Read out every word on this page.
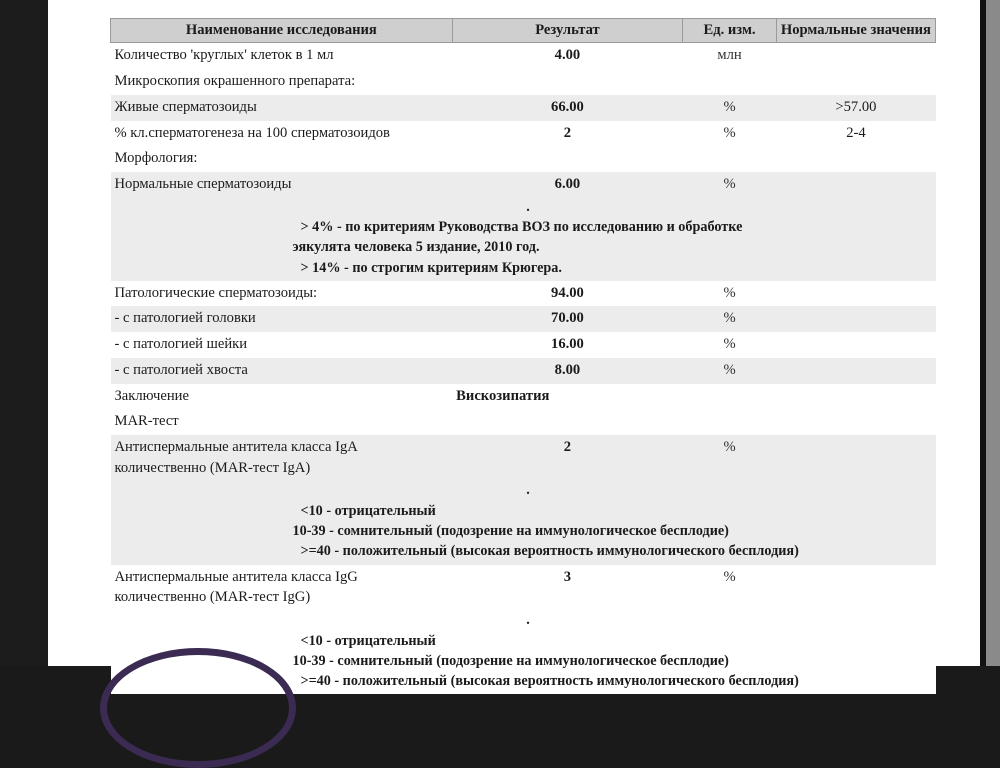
Наименование исследования	Результат	Ед. изм.	Нормальные значения
Количество 'круглых' клеток в 1 мл	4.00	млн	
Микроскопия окрашенного препарата:			
Живые сперматозоиды	66.00	%	>57.00
% кл.сперматогенеза на 100 сперматозоидов	2	%	2-4
Морфология:			
Нормальные сперматозоиды	6.00	%	

.
> 4% - по критериям Руководства ВОЗ по исследованию и обработке
эякулята человека 5 издание, 2010 год.
> 14% - по строгим критериям Крюгера.			

Патологические сперматозоиды:	94.00	%	
- с патологией головки	70.00	%	
- с патологией шейки	16.00	%	
- с патологией хвоста	8.00	%	
Заключение	Вискозипатия		
MAR-тест			
Антиспермальные антитела класса IgA количественно (MAR-тест IgA)	2	%	

.
<10 - отрицательный
10-39 - сомнительный (подозрение на иммунологическое бесплодие)
>=40 - положительный (высокая вероятность иммунологического бесплодия)			

Антиспермальные антитела класса IgG количественно (MAR-тест IgG)	3	%	

.
<10 - отрицательный
10-39 - сомнительный (подозрение на иммунологическое бесплодие)
>=40 - положительный (высокая вероятность иммунологического бесплодия)			
